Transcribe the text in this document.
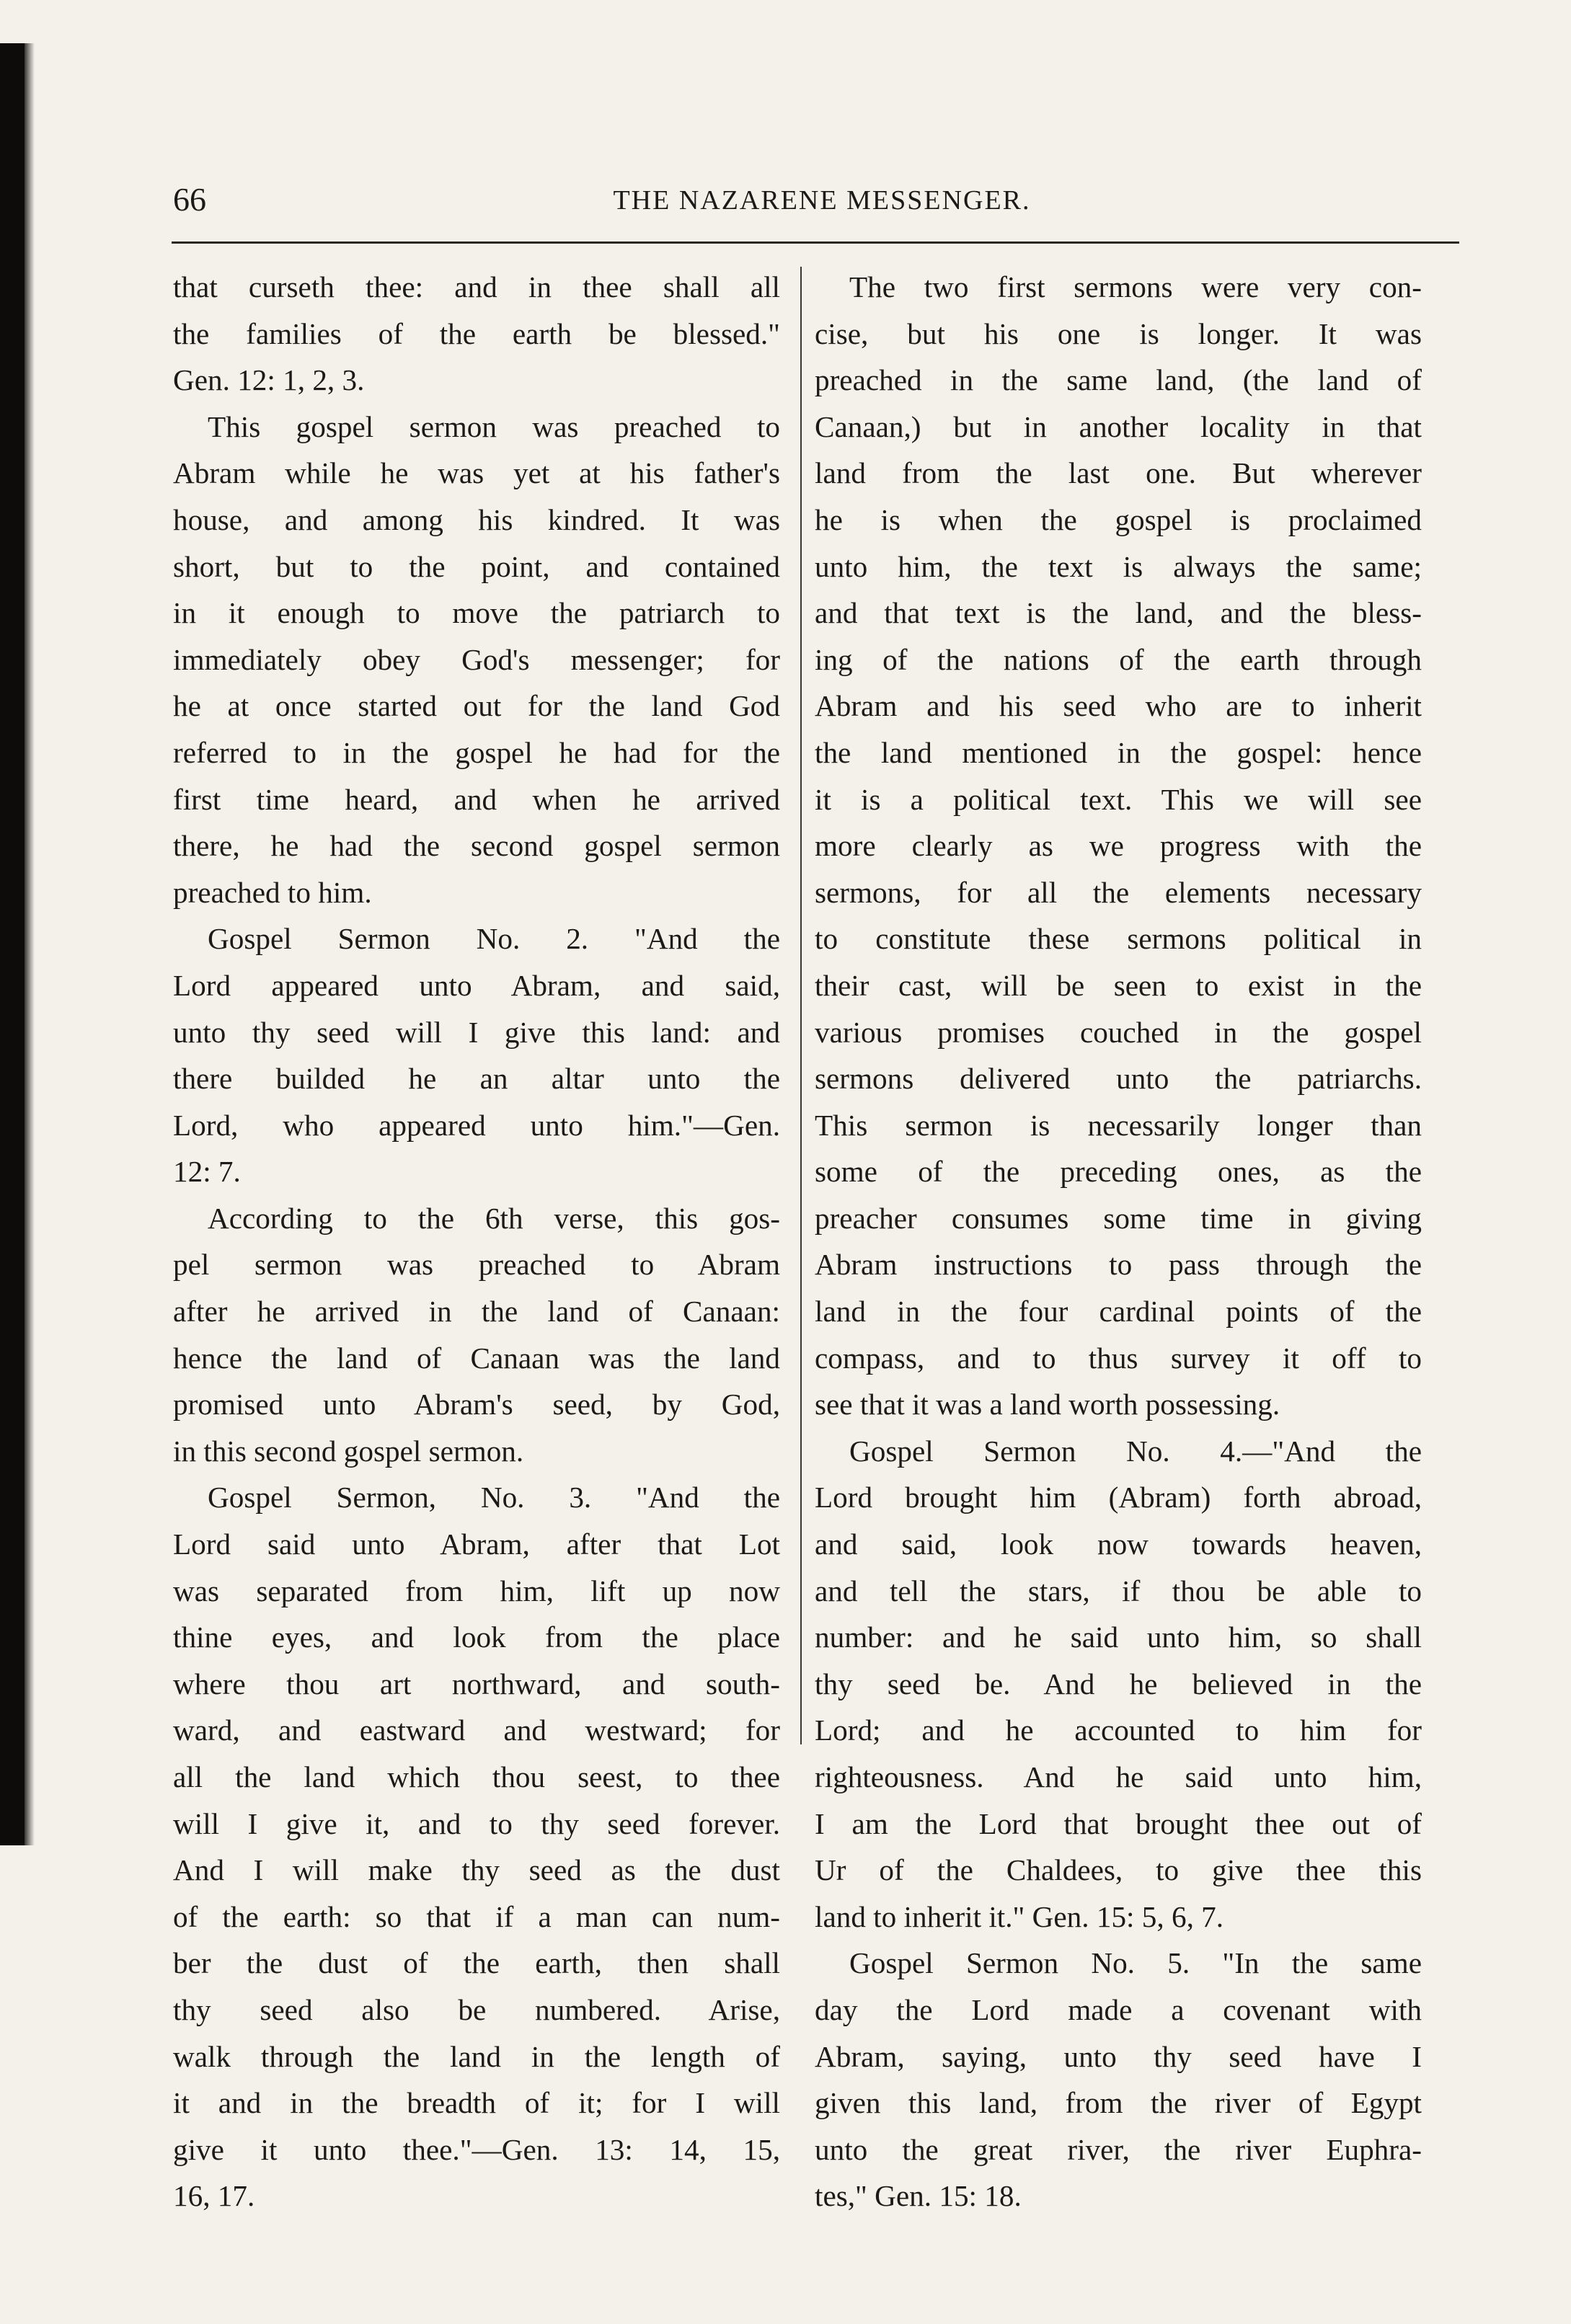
66	THE NAZARENE MESSENGER.
that curseth thee: and in thee shall all
the families of the earth be blessed."
Gen. 12: 1, 2, 3.
This gospel sermon was preached to
Abram while he was yet at his father's
house, and among his kindred. It was
short, but to the point, and contained
in it enough to move the patriarch to
immediately obey God's messenger; for
he at once started out for the land God
referred to in the gospel he had for the
first time heard, and when he arrived
there, he had the second gospel sermon
preached to him.
Gospel Sermon No. 2. "And the
Lord appeared unto Abram, and said,
unto thy seed will I give this land: and
there builded he an altar unto the
Lord, who appeared unto him."—Gen.
12: 7.
According to the 6th verse, this gos-
pel sermon was preached to Abram
after he arrived in the land of Canaan:
hence the land of Canaan was the land
promised unto Abram's seed, by God,
in this second gospel sermon.
Gospel Sermon, No. 3. "And the
Lord said unto Abram, after that Lot
was separated from him, lift up now
thine eyes, and look from the place
where thou art northward, and south-
ward, and eastward and westward; for
all the land which thou seest, to thee
will I give it, and to thy seed forever.
And I will make thy seed as the dust
of the earth: so that if a man can num-
ber the dust of the earth, then shall
thy seed also be numbered. Arise,
walk through the land in the length of
it and in the breadth of it; for I will
give it unto thee."—Gen. 13: 14, 15,
16, 17.
The two first sermons were very con-
cise, but his one is longer. It was
preached in the same land, (the land of
Canaan,) but in another locality in that
land from the last one. But wherever
he is when the gospel is proclaimed
unto him, the text is always the same;
and that text is the land, and the bless-
ing of the nations of the earth through
Abram and his seed who are to inherit
the land mentioned in the gospel: hence
it is a political text. This we will see
more clearly as we progress with the
sermons, for all the elements necessary
to constitute these sermons political in
their cast, will be seen to exist in the
various promises couched in the gospel
sermons delivered unto the patriarchs.
This sermon is necessarily longer than
some of the preceding ones, as the
preacher consumes some time in giving
Abram instructions to pass through the
land in the four cardinal points of the
compass, and to thus survey it off to
see that it was a land worth possessing.
Gospel Sermon No. 4.—"And the
Lord brought him (Abram) forth abroad,
and said, look now towards heaven,
and tell the stars, if thou be able to
number: and he said unto him, so shall
thy seed be. And he believed in the
Lord; and he accounted to him for
righteousness. And he said unto him,
I am the Lord that brought thee out of
Ur of the Chaldees, to give thee this
land to inherit it." Gen. 15: 5, 6, 7.
Gospel Sermon No. 5. "In the same
day the Lord made a covenant with
Abram, saying, unto thy seed have I
given this land, from the river of Egypt
unto the great river, the river Euphra-
tes," Gen. 15: 18.
